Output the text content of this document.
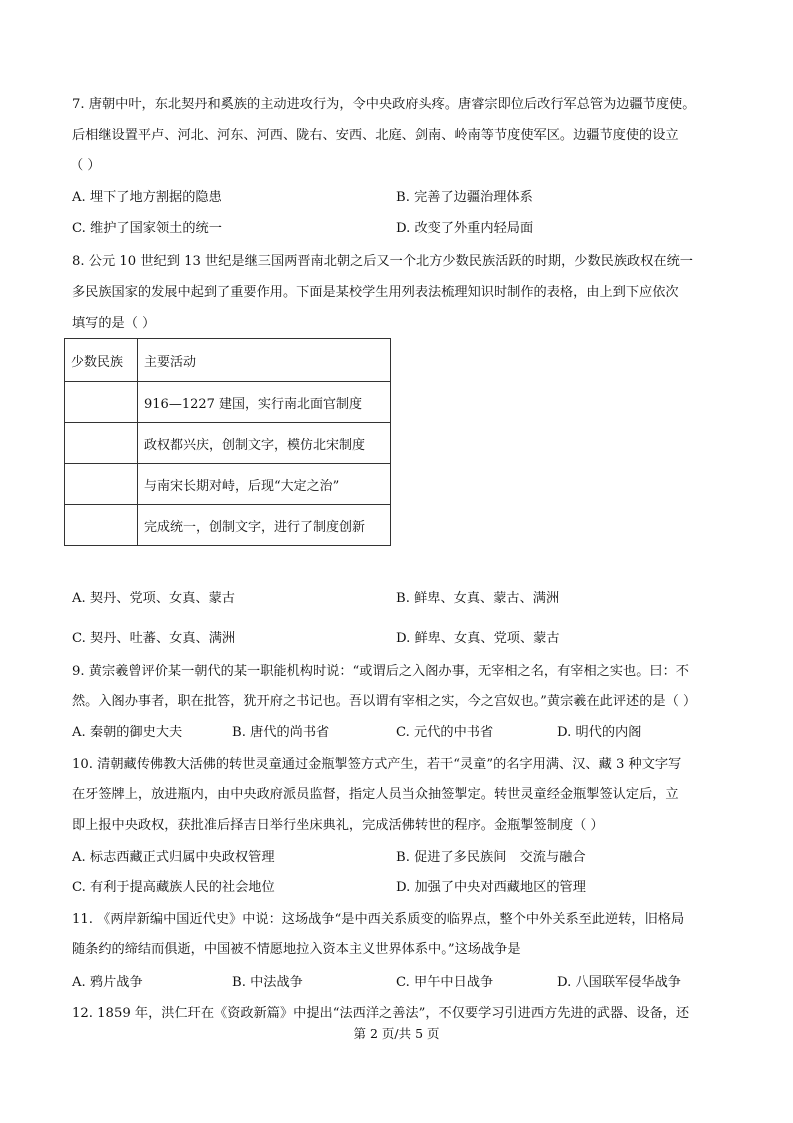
7. 唐朝中叶，东北契丹和奚族的主动进攻行为，令中央政府头疼。唐睿宗即位后改行军总管为边疆节度使。
后相继设置平卢、河北、河东、河西、陇右、安西、北庭、剑南、岭南等节度使军区。边疆节度使的设立
（ ）
A. 埋下了地方割据的隐患	B. 完善了边疆治理体系
C. 维护了国家领土的统一	D. 改变了外重内轻局面
8. 公元 10 世纪到 13 世纪是继三国两晋南北朝之后又一个北方少数民族活跃的时期，少数民族政权在统一
多民族国家的发展中起到了重要作用。下面是某校学生用列表法梳理知识时制作的表格，由上到下应依次
填写的是（ ）
少数民族	主要活动
	916—1227 建国，实行南北面官制度
	政权都兴庆，创制文字，模仿北宋制度
	与南宋长期对峙，后现“大定之治”
	完成统一，创制文字，进行了制度创新
A. 契丹、党项、女真、蒙古	B. 鲜卑、女真、蒙古、满洲
C. 契丹、吐蕃、女真、满洲	D. 鲜卑、女真、党项、蒙古
9. 黄宗羲曾评价某一朝代的某一职能机构时说：“或谓后之入阁办事，无宰相之名，有宰相之实也。曰：不
然。入阁办事者，职在批答，犹开府之书记也。吾以谓有宰相之实，今之宫奴也。”黄宗羲在此评述的是（ ）
A. 秦朝的御史大夫	B. 唐代的尚书省	C. 元代的中书省	D. 明代的内阁
10. 清朝藏传佛教大活佛的转世灵童通过金瓶掣签方式产生，若干“灵童”的名字用满、汉、藏 3 种文字写
在牙签牌上，放进瓶内，由中央政府派员监督，指定人员当众抽签掣定。转世灵童经金瓶掣签认定后，立
即上报中央政权，获批准后择吉日举行坐床典礼，完成活佛转世的程序。金瓶掣签制度（ ）
A. 标志西藏正式归属中央政权管理	B. 促进了多民族间　交流与融合
C. 有利于提高藏族人民的社会地位	D. 加强了中央对西藏地区的管理
11. 《两岸新编中国近代史》中说：这场战争“是中西关系质变的临界点，整个中外关系至此逆转，旧格局
随条约的缔结而俱逝，中国被不情愿地拉入资本主义世界体系中。”这场战争是
A. 鸦片战争	B. 中法战争	C. 甲午中日战争	D. 八国联军侵华战争
12. 1859 年，洪仁玕在《资政新篇》中提出“法西洋之善法”，不仅要学习引进西方先进的武器、设备，还
第 2 页/共 5 页
